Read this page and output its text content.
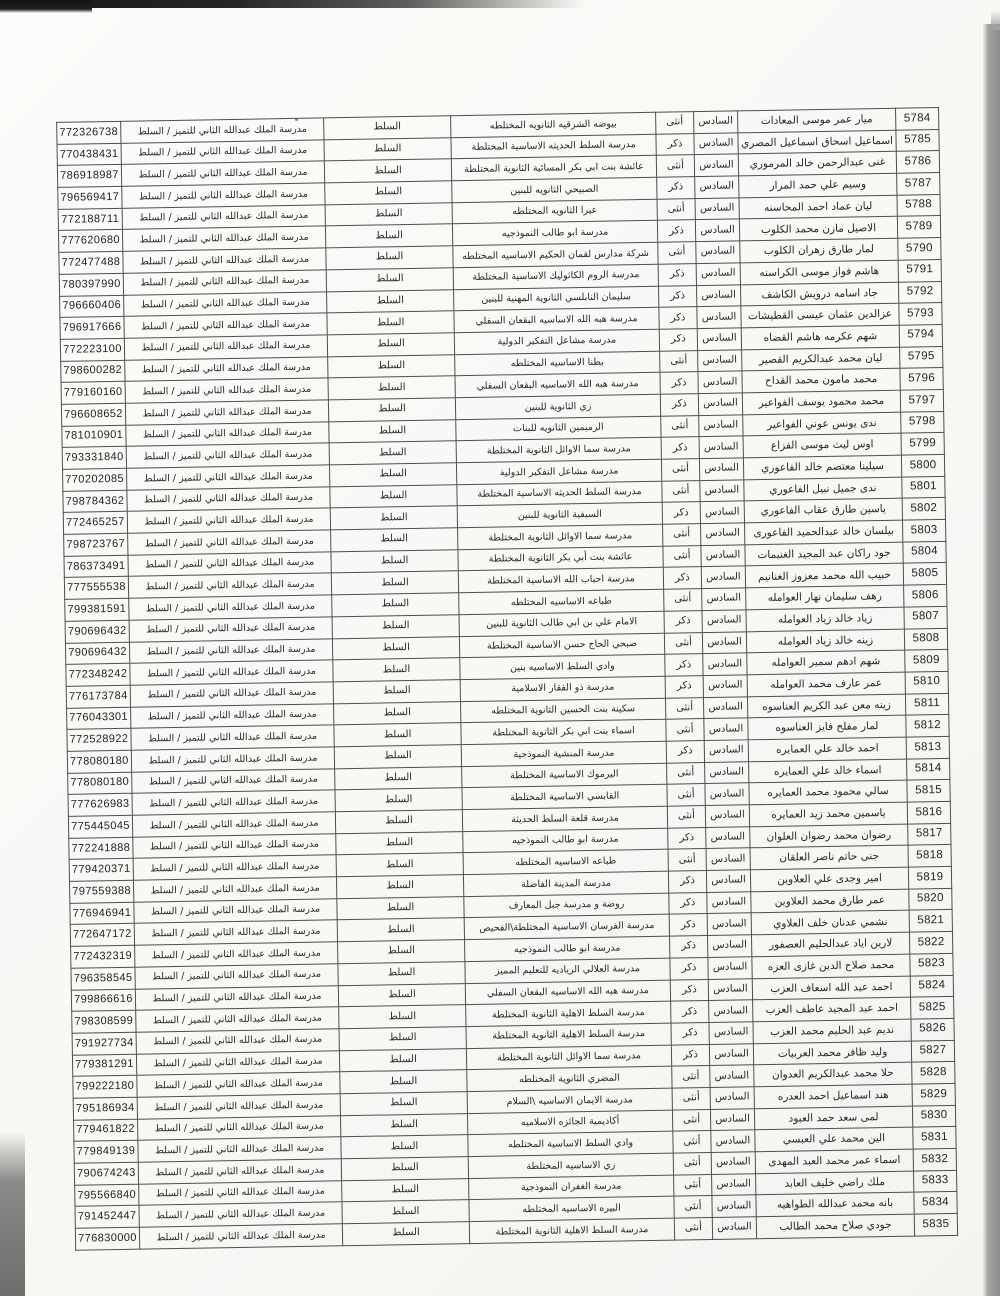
5784	ميار عمر موسى المعادات	السادس	أنثى	بيوضه الشرقيه الثانويه المختلطه	السلط	مدرسة الملك عبدالله الثاني للتميز / السلط	772326738
5785	اسماعيل اسحاق اسماعيل المصري	السادس	ذكر	مدرسة السلط الحديثه الاساسية المختلطة	السلط	مدرسة الملك عبدالله الثاني للتميز / السلط	770438431
5786	غنى عبدالرحمن خالد المرموري	السادس	أنثى	عائشة بنت ابي بكر المسائية الثانوية المختلطة	السلط	مدرسة الملك عبدالله الثاني للتميز / السلط	786918987
5787	وسيم علي حمد المرار	السادس	ذكر	الصبيحي الثانويه للبنين	السلط	مدرسة الملك عبدالله الثاني للتميز / السلط	796569417
5788	ليان عماد احمد المحاسنه	السادس	أنثى	عيرا الثانويه المختلطه	السلط	مدرسة الملك عبدالله الثاني للتميز / السلط	772188711
5789	الاصيل مازن محمد الكلوب	السادس	ذكر	مدرسة ابو طالب النموذجيه	السلط	مدرسة الملك عبدالله الثاني للتميز / السلط	777620680
5790	لمار طارق زهران الكلوب	السادس	أنثى	شركة مدارس لقمان الحكيم الاساسيه المختلطه	السلط	مدرسة الملك عبدالله الثاني للتميز / السلط	772477488
5791	هاشم فواز موسى الكراسنه	السادس	ذكر	مدرسة الروم الكاثوليك الاساسية المختلطة	السلط	مدرسة الملك عبدالله الثاني للتميز / السلط	780397990
5792	جاد اسامه درويش الكاشف	السادس	ذكر	سليمان النابلسي الثانوية المهنية للبنين	السلط	مدرسة الملك عبدالله الثاني للتميز / السلط	796660406
5793	عزالدين عثمان عيسى القطيشات	السادس	ذكر	مدرسة هبه الله الاساسيه البقعان السفلي	السلط	مدرسة الملك عبدالله الثاني للتميز / السلط	796917666
5794	شهم عكرمه هاشم القضاه	السادس	ذكر	مدرسة مشاعل التفكير الدولية	السلط	مدرسة الملك عبدالله الثاني للتميز / السلط	772223100
5795	ليان محمد عبدالكريم القصير	السادس	أنثى	بطنا الاساسيه المختلطه	السلط	مدرسة الملك عبدالله الثاني للتميز / السلط	798600282
5796	محمد مامون محمد القداح	السادس	ذكر	مدرسة هبه الله الاساسيه البقعان السفلي	السلط	مدرسة الملك عبدالله الثاني للتميز / السلط	779160160
5797	محمد محمود يوسف الفواعير	السادس	ذكر	زي الثانوية للبنين	السلط	مدرسة الملك عبدالله الثاني للتميز / السلط	796608652
5798	ندى يونس عوني الفواعير	السادس	أنثى	الرميمين الثانويه للبنات	السلط	مدرسة الملك عبدالله الثاني للتميز / السلط	781010901
5799	اوس ليث موسى الفزاع	السادس	ذكر	مدرسة سما الاوائل الثانوية المختلطة	السلط	مدرسة الملك عبدالله الثاني للتميز / السلط	793331840
5800	سيلينا معتصم خالد الفاعوري	السادس	أنثى	مدرسة مشاعل التفكير الدولية	السلط	مدرسة الملك عبدالله الثاني للتميز / السلط	770202085
5801	ندى جميل نبيل الفاعوري	السادس	أنثى	مدرسة السلط الحديثه الاساسية المختلطة	السلط	مدرسة الملك عبدالله الثاني للتميز / السلط	798784362
5802	ياسين طارق عقاب الفاعوري	السادس	ذكر	السيفية الثانوية للبنين	السلط	مدرسة الملك عبدالله الثاني للتميز / السلط	772465257
5803	بيلسان خالد عبدالحميد الفاعورى	السادس	أنثى	مدرسة سما الاوائل الثانوية المختلطة	السلط	مدرسة الملك عبدالله الثاني للتميز / السلط	798723767
5804	جود راكان عبد المجيد الغنيمات	السادس	أنثى	عائشة بنت أبي بكر الثانوية المختلطة	السلط	مدرسة الملك عبدالله الثاني للتميز / السلط	786373491
5805	حبيب الله محمد معزوز الغنانيم	السادس	ذكر	مدرسة احباب الله الاساسية المختلطة	السلط	مدرسة الملك عبدالله الثاني للتميز / السلط	777555538
5806	رهف سليمان نهار العوامله	السادس	أنثى	طباعه الاساسيه المختلطه	السلط	مدرسة الملك عبدالله الثاني للتميز / السلط	799381591
5807	زياد خالد زياد العوامله	السادس	ذكر	الامام علي بن ابي طالب الثانوية للبنين	السلط	مدرسة الملك عبدالله الثاني للتميز / السلط	790696432
5808	زينه خالد زياد العوامله	السادس	أنثى	صبحي الحاج حسن الاساسية المختلطة	السلط	مدرسة الملك عبدالله الثاني للتميز / السلط	790696432
5809	شهم ادهم سمير العوامله	السادس	ذكر	وادي السلط الاساسيه بنين	السلط	مدرسة الملك عبدالله الثاني للتميز / السلط	772348242
5810	عمر عارف محمد العوامله	السادس	ذكر	مدرسة ذو الفقار الاسلامية	السلط	مدرسة الملك عبدالله الثاني للتميز / السلط	776173784
5811	زينه معن عبد الكريم العناسوه	السادس	أنثى	سكينة بنت الحسين الثانوية المختلطه	السلط	مدرسة الملك عبدالله الثاني للتميز / السلط	776043301
5812	لمار مفلح فايز العناسوه	السادس	أنثى	اسماء بنت ابي بكر الثانوية المختلطة	السلط	مدرسة الملك عبدالله الثاني للتميز / السلط	772528922
5813	احمد خالد علي العمايره	السادس	ذكر	مدرسة المنشية النموذجية	السلط	مدرسة الملك عبدالله الثاني للتميز / السلط	778080180
5814	اسماء خالد علي العمايره	السادس	أنثى	اليرموك الاساسية المختلطة	السلط	مدرسة الملك عبدالله الثاني للتميز / السلط	778080180
5815	سالي محمود محمد العمايره	السادس	أنثى	القابسي الاساسية المختلطة	السلط	مدرسة الملك عبدالله الثاني للتميز / السلط	777626983
5816	ياسمين محمد زيد العمايره	السادس	أنثى	مدرسة قلعة السلط الحديثة	السلط	مدرسة الملك عبدالله الثاني للتميز / السلط	775445045
5817	رضوان محمد رضوان العلوان	السادس	ذكر	مدرسة ابو طالب النموذجيه	السلط	مدرسة الملك عبدالله الثاني للتميز / السلط	772241888
5818	جنى حاتم ناصر العلقان	السادس	أنثى	طباعه الاساسيه المختلطه	السلط	مدرسة الملك عبدالله الثاني للتميز / السلط	779420371
5819	امير وجدى علي العلاوين	السادس	ذكر	مدرسة المدينة الفاضلة	السلط	مدرسة الملك عبدالله الثاني للتميز / السلط	797559388
5820	عمر طارق محمد العلاوين	السادس	ذكر	روضة و مدرسة جبل المعارف	السلط	مدرسة الملك عبدالله الثاني للتميز / السلط	776946941
5821	نشمي عدنان خلف العلاوي	السادس	ذكر	مدرسة الفرسان الاساسية المختلطة\الفحيص	السلط	مدرسة الملك عبدالله الثاني للتميز / السلط	772647172
5822	لارين اياد عبدالحليم العصفور	السادس	ذكر	مدرسة ابو طالب النموذجيه	السلط	مدرسة الملك عبدالله الثاني للتميز / السلط	772432319
5823	محمد صلاح الدين غازى العزه	السادس	ذكر	مدرسة العلالي الرياديه للتعليم المميز	السلط	مدرسة الملك عبدالله الثاني للتميز / السلط	796358545
5824	احمد عبد الله اسعاف العزب	السادس	ذكر	مدرسة هبه الله الاساسيه البقعان السفلي	السلط	مدرسة الملك عبدالله الثاني للتميز / السلط	799866616
5825	احمد عبد المجيد عاطف العزب	السادس	ذكر	مدرسة السلط الاهلية الثانوية المختلطة	السلط	مدرسة الملك عبدالله الثاني للتميز / السلط	798308599
5826	نديم عبد الحليم محمد العزب	السادس	ذكر	مدرسة السلط الاهلية الثانوية المختلطة	السلط	مدرسة الملك عبدالله الثاني للتميز / السلط	791927734
5827	وليد ظافر محمد العربيات	السادس	ذكر	مدرسة سما الاوائل الثانوية المختلطة	السلط	مدرسة الملك عبدالله الثاني للتميز / السلط	779381291
5828	حلا محمد عبدالكريم العدوان	السادس	أنثى	المضري الثانوية المختلطه	السلط	مدرسة الملك عبدالله الثاني للتميز / السلط	799222180
5829	هند اسماعيل احمد العدره	السادس	أنثى	مدرسة الايمان الاساسيه \السلام	السلط	مدرسة الملك عبدالله الثاني للتميز / السلط	795186934
5830	لمى سعد حمد العبود	السادس	أنثى	أكاديمية الجائزه الاسلاميه	السلط	مدرسة الملك عبدالله الثاني للتميز / السلط	779461822
5831	الين محمد علي العبسي	السادس	أنثى	وادي السلط الاساسية المختلطه	السلط	مدرسة الملك عبدالله الثاني للتميز / السلط	779849139
5832	اسماء عمر محمد العبد المهدى	السادس	أنثى	زي الاساسيه المختلطة	السلط	مدرسة الملك عبدالله الثاني للتميز / السلط	790674243
5833	ملك راضي خليف العابد	السادس	أنثى	مدرسة الغفران النموذجية	السلط	مدرسة الملك عبدالله الثاني للتميز / السلط	795566840
5834	بانه محمد عبدالله الطواهيه	السادس	أنثى	البيره الاساسيه المختلطه	السلط	مدرسة الملك عبدالله الثاني للتميز / السلط	791452447
5835	جودي صلاح محمد الطالب	السادس	أنثى	مدرسة السلط الاهلية الثانوية المختلطة	السلط	مدرسة الملك عبدالله الثاني للتميز / السلط	776830000
